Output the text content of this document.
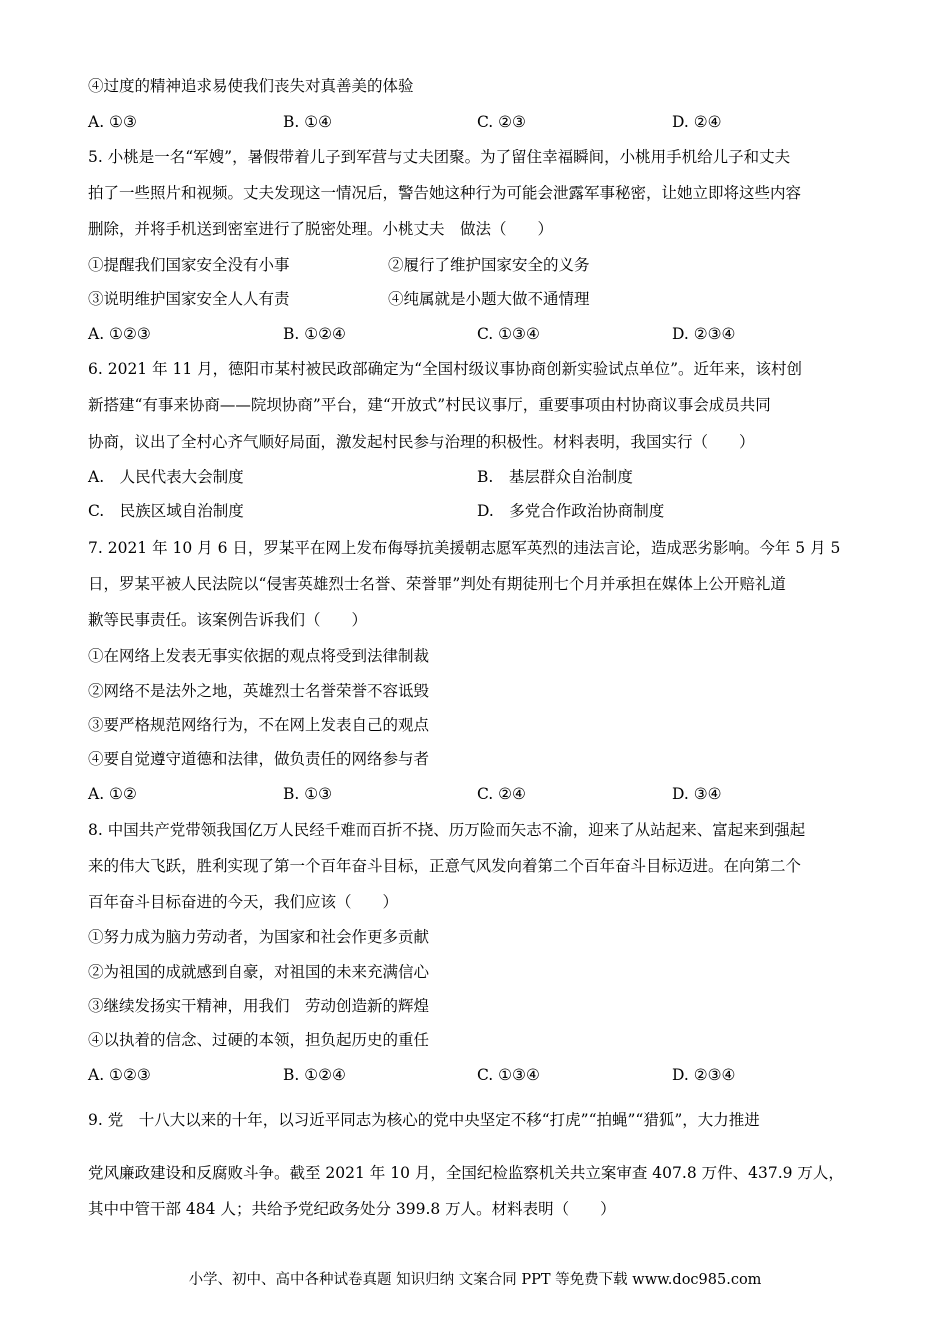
④过度的精神追求易使我们丧失对真善美的体验
A. ①③	B. ①④	C. ②③	D. ②④
5. 小桃是一名“军嫂”，暑假带着儿子到军营与丈夫团聚。为了留住幸福瞬间，小桃用手机给儿子和丈夫
拍了一些照片和视频。丈夫发现这一情况后，警告她这种行为可能会泄露军事秘密，让她立即将这些内容
删除，并将手机送到密室进行了脱密处理。小桃丈夫　做法（　　）
①提醒我们国家安全没有小事	②履行了维护国家安全的义务
③说明维护国家安全人人有责	④纯属就是小题大做不通情理
A. ①②③	B. ①②④	C. ①③④	D. ②③④
6. 2021 年 11 月，德阳市某村被民政部确定为“全国村级议事协商创新实验试点单位”。近年来，该村创
新搭建“有事来协商——院坝协商”平台，建“开放式”村民议事厅，重要事项由村协商议事会成员共同
协商，议出了全村心齐气顺好局面，激发起村民参与治理的积极性。材料表明，我国实行（　　）
A.　人民代表大会制度	B.　基层群众自治制度
C.　民族区域自治制度	D.　多党合作政治协商制度
7. 2021 年 10 月 6 日，罗某平在网上发布侮辱抗美援朝志愿军英烈的违法言论，造成恶劣影响。今年 5 月 5
日，罗某平被人民法院以“侵害英雄烈士名誉、荣誉罪”判处有期徒刑七个月并承担在媒体上公开赔礼道
歉等民事责任。该案例告诉我们（　　）
①在网络上发表无事实依据的观点将受到法律制裁
②网络不是法外之地，英雄烈士名誉荣誉不容诋毁
③要严格规范网络行为，不在网上发表自己的观点
④要自觉遵守道德和法律，做负责任的网络参与者
A. ①②	B. ①③	C. ②④	D. ③④
8. 中国共产党带领我国亿万人民经千难而百折不挠、历万险而矢志不渝，迎来了从站起来、富起来到强起
来的伟大飞跃，胜利实现了第一个百年奋斗目标，正意气风发向着第二个百年奋斗目标迈进。在向第二个
百年奋斗目标奋进的今天，我们应该（　　）
①努力成为脑力劳动者，为国家和社会作更多贡献
②为祖国的成就感到自豪，对祖国的未来充满信心
③继续发扬实干精神，用我们　劳动创造新的辉煌
④以执着的信念、过硬的本领，担负起历史的重任
A. ①②③	B. ①②④	C. ①③④	D. ②③④
9. 党　十八大以来的十年，以习近平同志为核心的党中央坚定不移“打虎”“拍蝇”“猎狐”，大力推进
党风廉政建设和反腐败斗争。截至 2021 年 10 月，全国纪检监察机关共立案审查 407.8 万件、437.9 万人，
其中中管干部 484 人；共给予党纪政务处分 399.8 万人。材料表明（　　）
小学、初中、高中各种试卷真题 知识归纳 文案合同 PPT 等免费下载 www.doc985.com
